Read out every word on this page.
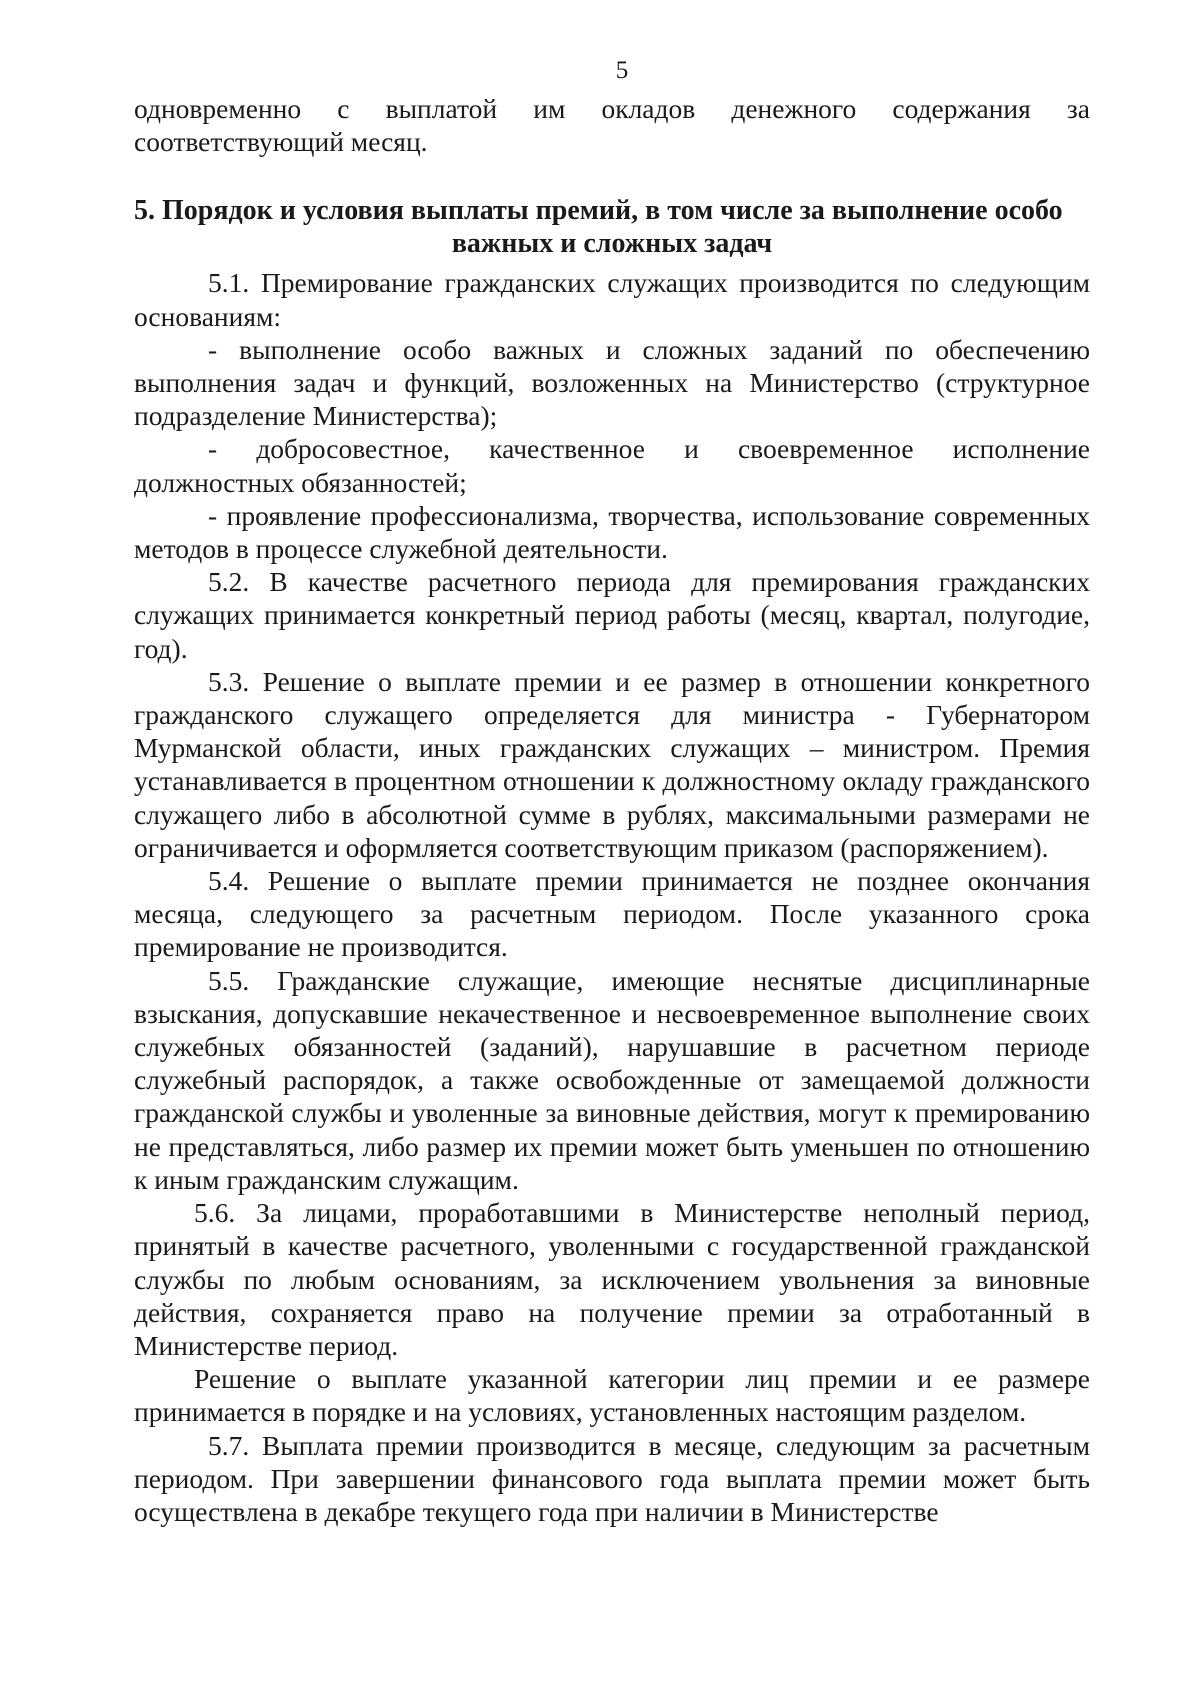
5

одновременно с выплатой им окладов денежного содержания за соответствующий месяц.

5. Порядок и условия выплаты премий, в том числе за выполнение особо
важных и сложных задач

5.1. Премирование гражданских служащих производится по следующим основаниям:

- выполнение особо важных и сложных заданий по обеспечению выполнения задач и функций, возложенных на Министерство (структурное подразделение Министерства);

- добросовестное, качественное и своевременное исполнение должностных обязанностей;

- проявление профессионализма, творчества, использование современных методов в процессе служебной деятельности.

5.2. В качестве расчетного периода для премирования гражданских служащих принимается конкретный период работы (месяц, квартал, полугодие, год).

5.3. Решение о выплате премии и ее размер в отношении конкретного гражданского служащего определяется для министра - Губернатором Мурманской области, иных гражданских служащих – министром. Премия устанавливается в процентном отношении к должностному окладу гражданского служащего либо в абсолютной сумме в рублях, максимальными размерами не ограничивается и оформляется соответствующим приказом (распоряжением).

5.4. Решение о выплате премии принимается не позднее окончания месяца, следующего за расчетным периодом. После указанного срока премирование не производится.

5.5. Гражданские служащие, имеющие неснятые дисциплинарные взыскания, допускавшие некачественное и несвоевременное выполнение своих служебных обязанностей (заданий), нарушавшие в расчетном периоде служебный распорядок, а также освобожденные от замещаемой должности гражданской службы и уволенные за виновные действия, могут к премированию не представляться, либо размер их премии может быть уменьшен по отношению к иным гражданским служащим.

5.6. За лицами, проработавшими в Министерстве неполный период, принятый в качестве расчетного, уволенными с государственной гражданской службы по любым основаниям, за исключением увольнения за виновные действия, сохраняется право на получение премии за отработанный в Министерстве период.

Решение о выплате указанной категории лиц премии и ее размере принимается в порядке и на условиях, установленных настоящим разделом.

5.7. Выплата премии производится в месяце, следующим за расчетным периодом. При завершении финансового года выплата премии может быть осуществлена в декабре текущего года при наличии в Министерстве
